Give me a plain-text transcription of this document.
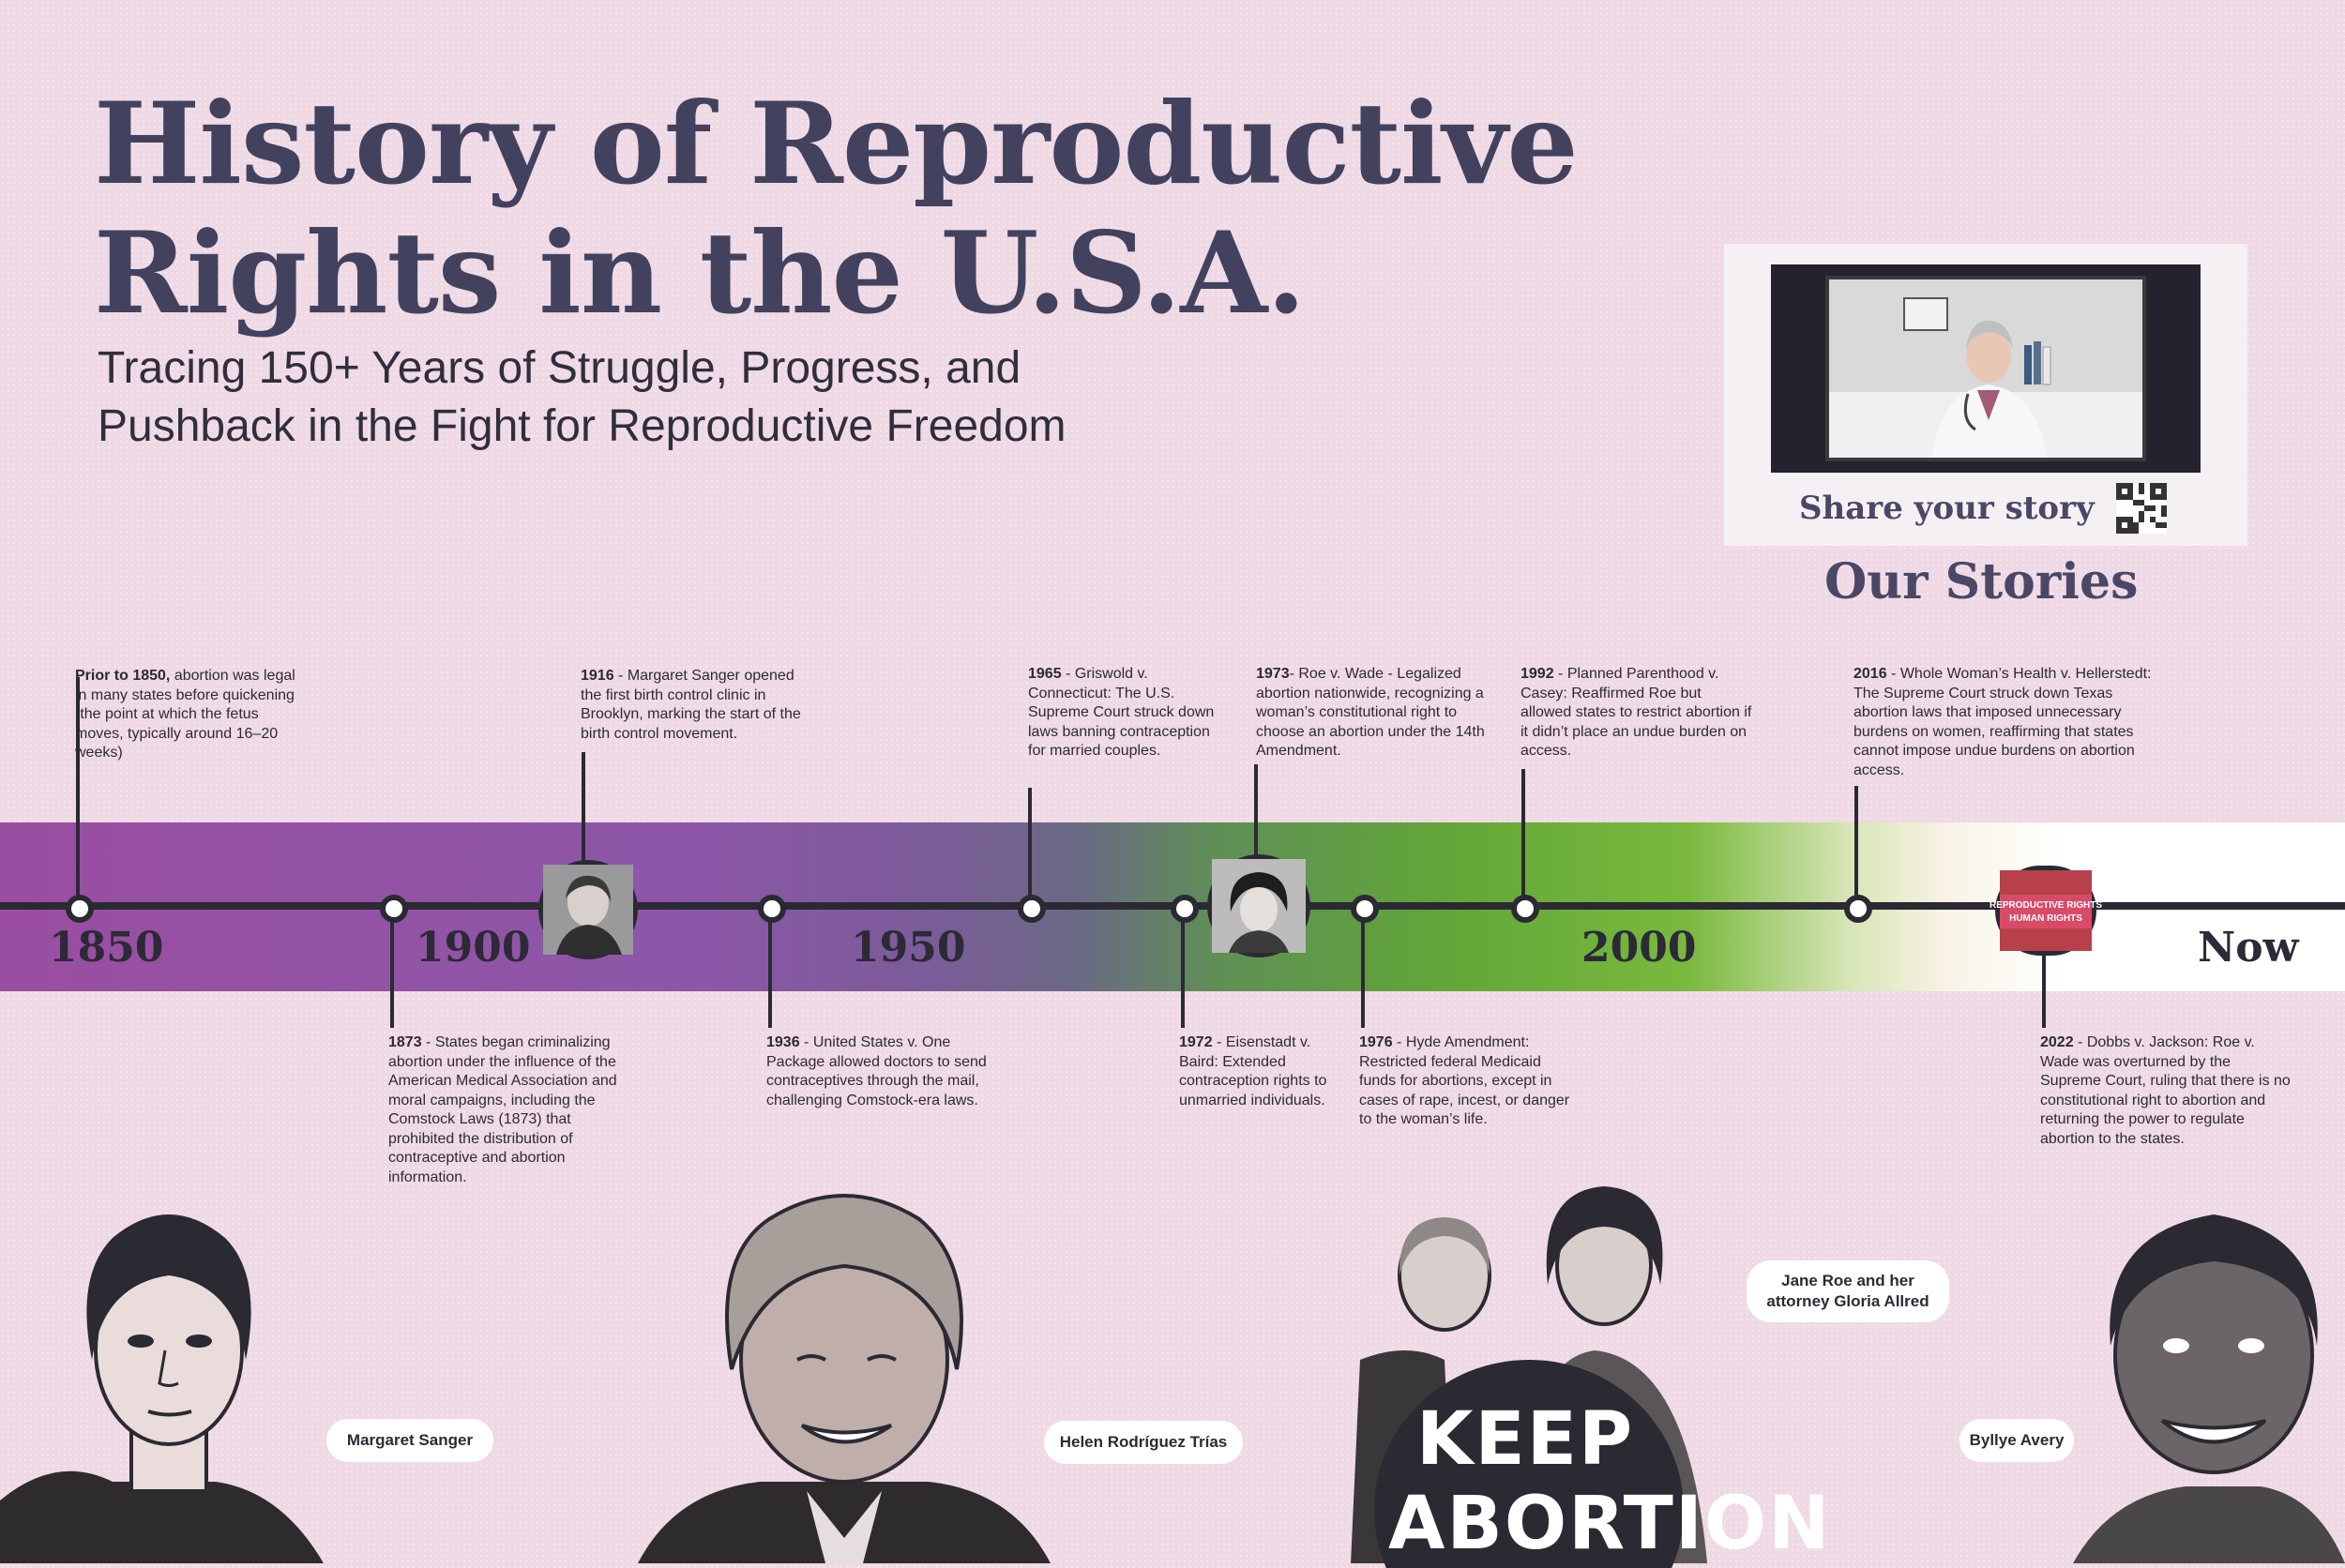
History of Reproductive
Rights in the U.S.A.

Tracing 150+ Years of Struggle, Progress, and
Pushback in the Fight for Reproductive Freedom

Share your story
Our Stories
1850	1900	1950	2000	Now
REPRODUCTIVE RIGHTS
HUMAN RIGHTS

Prior to 1850, abortion was legal in many states before quickening (the point at which the fetus moves, typically around 16–20 weeks)

1916 - Margaret Sanger opened the first birth control clinic in Brooklyn, marking the start of the birth control movement.

1965 - Griswold v. Connecticut: The U.S. Supreme Court struck down laws banning contraception for married couples.

1973- Roe v. Wade - Legalized abortion nationwide, recognizing a woman’s constitutional right to choose an abortion under the 14th Amendment.

1992 - Planned Parenthood v. Casey: Reaffirmed Roe but allowed states to restrict abortion if it didn’t place an undue burden on access.

2016 - Whole Woman’s Health v. Hellerstedt: The Supreme Court struck down Texas abortion laws that imposed unnecessary burdens on women, reaffirming that states cannot impose undue burdens on abortion access.

1873 - States began criminalizing abortion under the influence of the American Medical Association and moral campaigns, including the Comstock Laws (1873) that prohibited the distribution of contraceptive and abortion information.

1936 - United States v. One Package allowed doctors to send contraceptives through the mail, challenging Comstock-era laws.

1972 - Eisenstadt v. Baird: Extended contraception rights to unmarried individuals.

1976 - Hyde Amendment: Restricted federal Medicaid funds for abortions, except in cases of rape, incest, or danger to the woman’s life.

2022 - Dobbs v. Jackson: Roe v. Wade was overturned by the Supreme Court, ruling that there is no constitutional right to abortion and returning the power to regulate abortion to the states.

KEEP
ABORTION
Margaret Sanger	Helen Rodríguez Trías
Jane Roe and her attorney Gloria Allred
Byllye Avery
